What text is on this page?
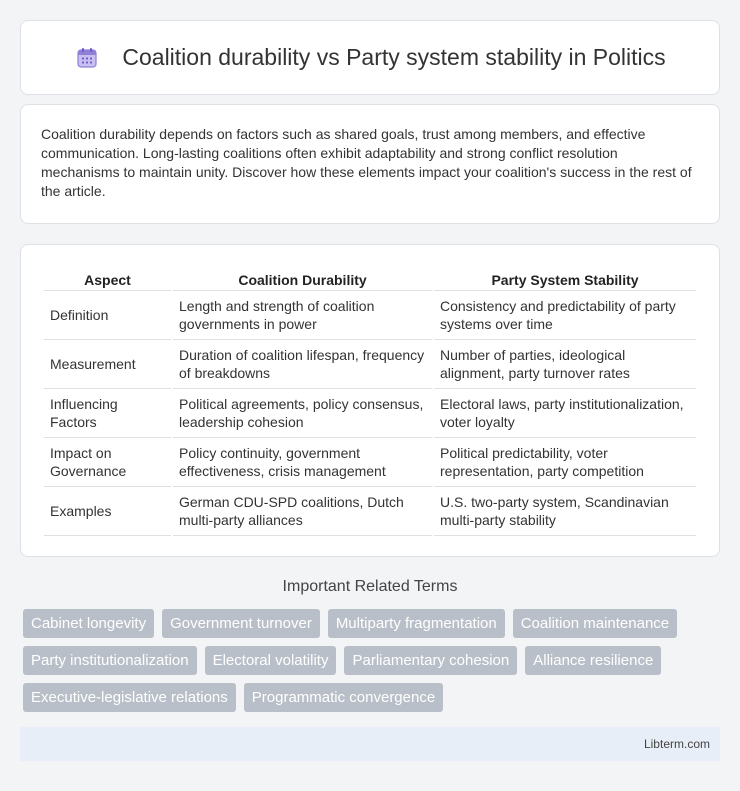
Coalition durability vs Party system stability in Politics

Coalition durability depends on factors such as shared goals, trust among members, and effective communication. Long-lasting coalitions often exhibit adaptability and strong conflict resolution mechanisms to maintain unity. Discover how these elements impact your coalition's success in the rest of the article.

Aspect	Coalition Durability	Party System Stability
Definition	Length and strength of coalition governments in power	Consistency and predictability of party systems over time
Measurement	Duration of coalition lifespan, frequency of breakdowns	Number of parties, ideological alignment, party turnover rates
Influencing Factors	Political agreements, policy consensus, leadership cohesion	Electoral laws, party institutionalization, voter loyalty
Impact on Governance	Policy continuity, government effectiveness, crisis management	Political predictability, voter representation, party competition
Examples	German CDU-SPD coalitions, Dutch multi-party alliances	U.S. two-party system, Scandinavian multi-party stability
Important Related Terms
Cabinet longevity	Government turnover	Multiparty fragmentation	Coalition maintenance
Party institutionalization	Electoral volatility	Parliamentary cohesion	Alliance resilience
Executive-legislative relations	Programmatic convergence
Libterm.com
